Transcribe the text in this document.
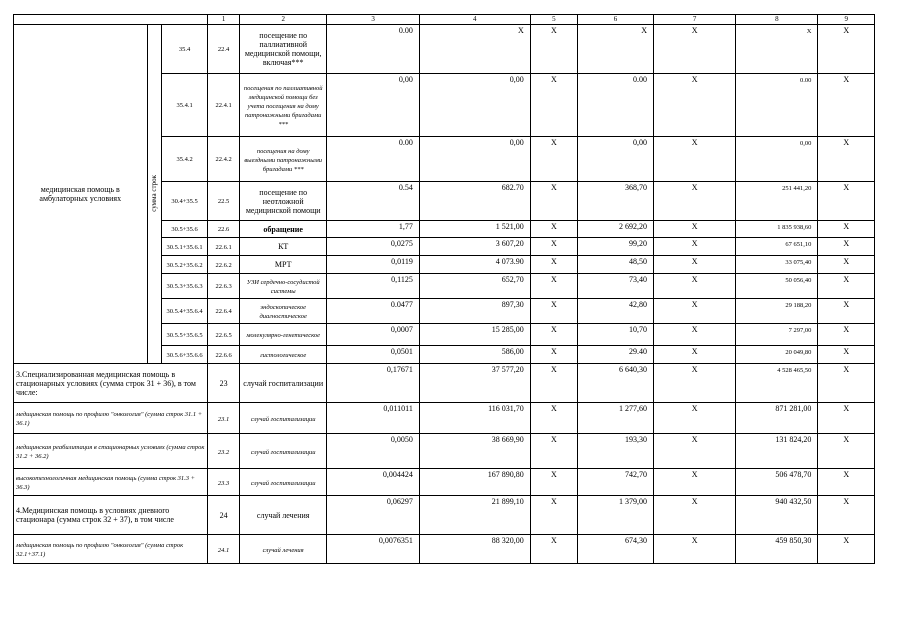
			1	2	3	4	5	6	7	8	9
медицинская помощь в амбулаторных условиях	сумма строк	35.4	22.4	посещение по паллиативной медицинской помощи, включая***	0.00	X	X	X	X	X	X
		35.4.1	22.4.1	посещения по паллиативной медицинской помощи без учета посещения на дому патронажными бригадами ***	0,00	0,00	X	0.00	X	0.00	X
		35.4.2	22.4.2	посещения на дому выездными патронажными бригадами ***	0.00	0,00	X	0,00	X	0,00	X
		30.4+35.5	22.5	посещение по неотложной медицинской помощи	0.54	682.70	X	368,70	X	251 441,20	X
		30.5+35.6	22.6	обращение	1,77	1 521,00	X	2 692,20	X	1 835 938,60	X
		30.5.1+35.6.1	22.6.1	КТ	0,0275	3 607,20	X	99,20	X	67 651,10	X
		30.5.2+35.6.2	22.6.2	МРТ	0,0119	4 073.90	X	48,50	X	33 075,40	X
		30.5.3+35.6.3	22.6.3	УЗИ сердечно-сосудистой системы	0,1125	652,70	X	73,40	X	50 056,40	X
		30.5.4+35.6.4	22.6.4	эндоскопическое диагностическое	0.0477	897,30	X	42,80	X	29 188,20	X
		30.5.5+35.6.5	22.6.5	молекулярно-генетическое	0,0007	15 285,00	X	10,70	X	7 297,00	X
		30.5.6+35.6.6	22.6.6	гистологическое	0,0501	586,00	X	29.40	X	20 049,80	X
3.Специализированная медицинская помощь в стационарных условиях (сумма строк 31 + 36), в том числе:			23	случай госпитализации	0,17671	37 577,20	X	6 640,30	X	4 528 465,50	X
медицинская помощь по профилю "онкология" (сумма строк 31.1 + 36.1)			23.1	случай госпитализации	0,011011	116 031,70	X	1 277,60	X	871 281,00	X
медицинская реабилитация в стационарных условиях (сумма строк 31.2 + 36.2)			23.2	случай госпитализации	0,0050	38 669,90	X	193,30	X	131 824,20	X
высокотехнологичная медицинская помощь (сумма строк 31.3 + 36.3)			23.3	случай госпитализации	0,004424	167 890,80	X	742,70	X	506 478,70	X
4.Медицинская помощь в условиях дневного стационара (сумма строк 32 + 37), в том числе			24	случай лечения	0,06297	21 899,10	X	1 379,00	X	940 432,50	X
медицинская помощь по профилю "онкология" (сумма строк 32.1+37.1)			24.1	случай лечения	0,0076351	88 320,00	X	674,30	X	459 850,30	X
